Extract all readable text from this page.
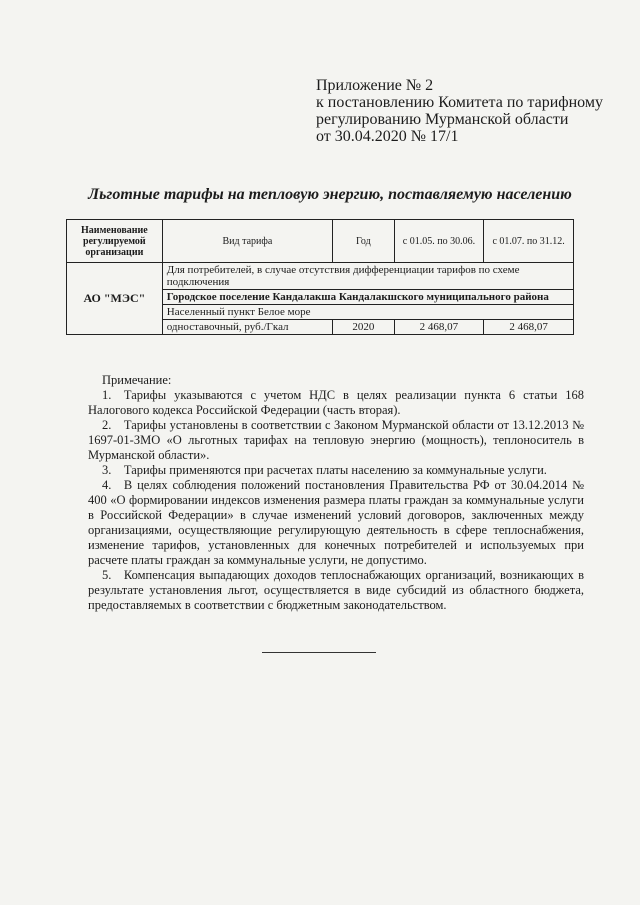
Приложение № 2
к постановлению Комитета по тарифному
регулированию Мурманской области
от 30.04.2020 № 17/1
Льготные тарифы на тепловую энергию, поставляемую населению
Наименование регулируемой организации	Вид тарифа	Год	с 01.05. по 30.06.	с 01.07. по 31.12.
АО "МЭС"	Для потребителей, в случае отсутствия дифференциации тарифов по схеме подключения			
	Городское поселение Кандалакша Кандалакшского муниципального района			
	Населенный пункт Белое море			
	одноставочный, руб./Гкал	2020	2 468,07	2 468,07
Примечание:

1. Тарифы указываются с учетом НДС в целях реализации пункта 6 статьи 168 Налогового кодекса Российской Федерации (часть вторая).

2. Тарифы установлены в соответствии с Законом Мурманской области от 13.12.2013 № 1697-01-ЗМО «О льготных тарифах на тепловую энергию (мощность), теплоноситель в Мурманской области».

3. Тарифы применяются при расчетах платы населению за коммунальные услуги.

4. В целях соблюдения положений постановления Правительства РФ от 30.04.2014 № 400 «О формировании индексов изменения размера платы граждан за коммунальные услуги в Российской Федерации» в случае изменений условий договоров, заключенных между организациями, осуществляющие регулирующую деятельность в сфере теплоснабжения, изменение тарифов, установленных для конечных потребителей и используемых при расчете платы граждан за коммунальные услуги, не допустимо.

5. Компенсация выпадающих доходов теплоснабжающих организаций, возникающих в результате установления льгот, осуществляется в виде субсидий из областного бюджета, предоставляемых в соответствии с бюджетным законодательством.
